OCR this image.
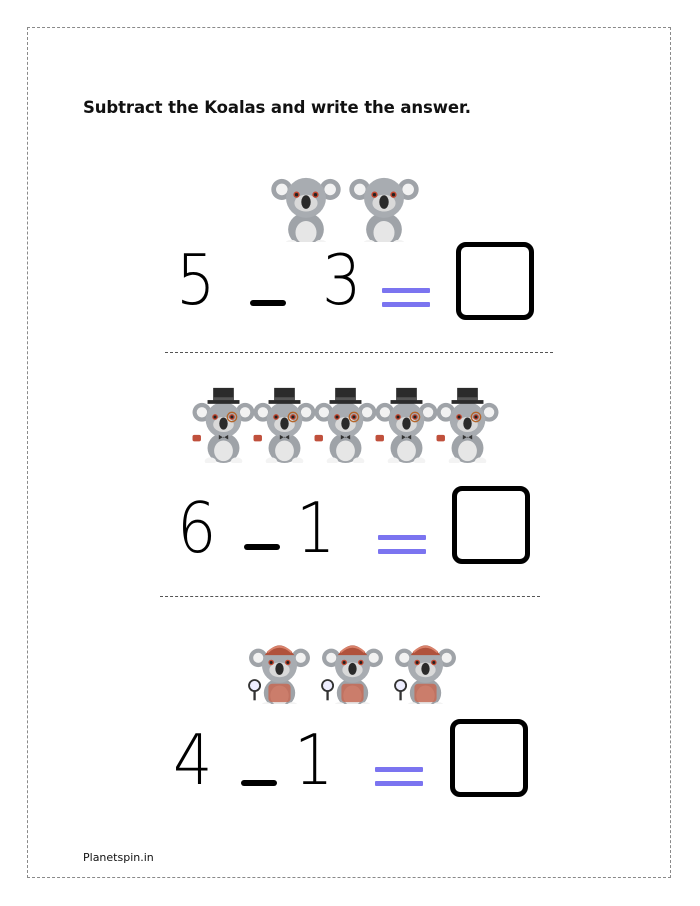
Subtract the Koalas and write the answer.

5 3
6 1
4 1
Planetspin.in
